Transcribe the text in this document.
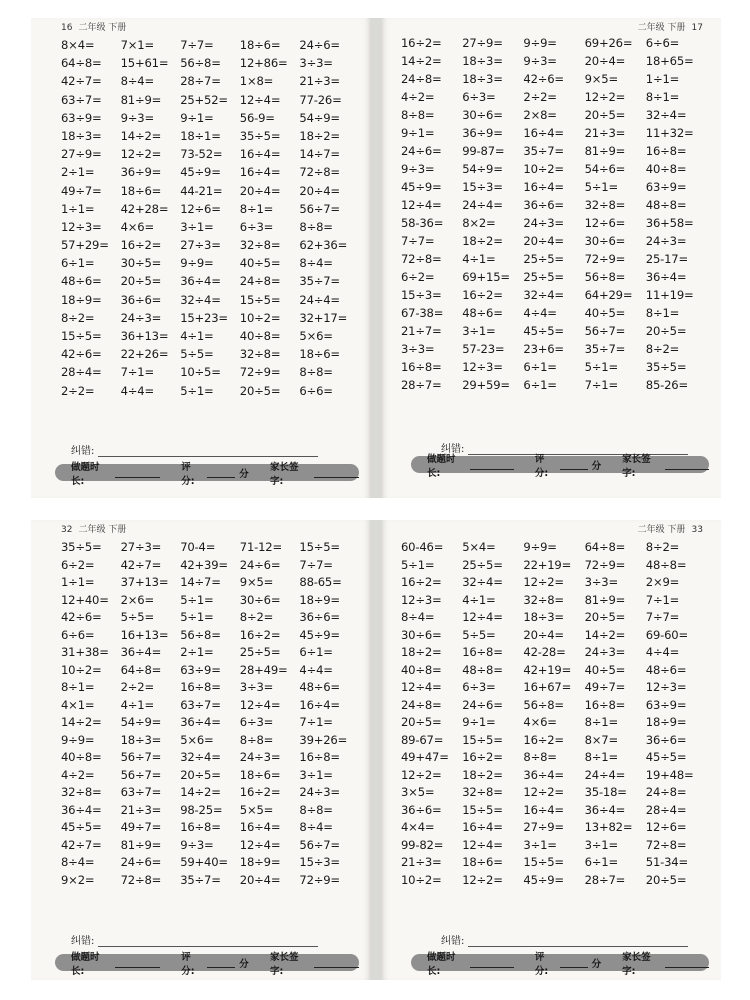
16 二年级 下册
8×4=	7×1=	7÷7=	18÷6=	24÷6=
64÷8=	15+61=	56÷8=	12+86=	3÷3=
42÷7=	8÷4=	28÷7=	1×8=	21÷3=
63÷7=	81÷9=	25+52=	12÷4=	77-26=
63÷9=	9÷3=	9÷1=	56-9=	54÷9=
18÷3=	14÷2=	18÷1=	35÷5=	18÷2=
27÷9=	12÷2=	73-52=	16÷4=	14÷7=
2÷1=	36÷9=	45÷9=	16÷4=	72÷8=
49÷7=	18÷6=	44-21=	20÷4=	20÷4=
1÷1=	42+28=	12÷6=	8÷1=	56÷7=
12÷3=	4×6=	3÷1=	6÷3=	8÷8=
57+29=	16÷2=	27÷3=	32÷8=	62+36=
6÷1=	30÷5=	9÷9=	40÷5=	8÷4=
48÷6=	20÷5=	36÷4=	24÷8=	35÷7=
18÷9=	36÷6=	32÷4=	15÷5=	24÷4=
8÷2=	24÷3=	15+23=	10÷2=	32+17=
15÷5=	36+13=	4÷1=	40÷8=	5×6=
42÷6=	22+26=	5÷5=	32÷8=	18÷6=
28÷4=	7÷1=	10÷5=	72÷9=	8÷8=
2÷2=	4÷4=	5÷1=	20÷5=	6÷6=
纠错:
做题时长:
评分:
分
家长签字:
二年级 下册 17
16÷2=	27÷9=	9÷9=	69+26=	6÷6=
14÷2=	18÷3=	9÷3=	20÷4=	18+65=
24÷8=	18÷3=	42÷6=	9×5=	1÷1=
4÷2=	6÷3=	2÷2=	12÷2=	8÷1=
8÷8=	30÷6=	2×8=	20÷5=	32÷4=
9÷1=	36÷9=	16÷4=	21÷3=	11+32=
24÷6=	99-87=	35÷7=	81÷9=	16÷8=
9÷3=	54÷9=	10÷2=	54÷6=	40÷8=
45÷9=	15÷3=	16÷4=	5÷1=	63÷9=
12÷4=	24÷4=	36÷6=	32÷8=	48÷8=
58-36=	8×2=	24÷3=	12÷6=	36+58=
7÷7=	18÷2=	20÷4=	30÷6=	24÷3=
72÷8=	4÷1=	25÷5=	72÷9=	25-17=
6÷2=	69+15=	25÷5=	56÷8=	36÷4=
15÷3=	16÷2=	32÷4=	64+29=	11+19=
67-38=	48÷6=	4÷4=	40÷5=	8÷1=
21÷7=	3÷1=	45÷5=	56÷7=	20÷5=
3÷3=	57-23=	23+6=	35÷7=	8÷2=
16÷8=	12÷3=	6÷1=	5÷1=	35÷5=
28÷7=	29+59=	6÷1=	7÷1=	85-26=
纠错:
做题时长:
评分:
分
家长签字:
32 二年级 下册
35÷5=	27÷3=	70-4=	71-12=	15÷5=
6÷2=	42÷7=	42+39=	24÷6=	7÷7=
1÷1=	37+13=	14÷7=	9×5=	88-65=
12+40=	2×6=	5÷1=	30÷6=	18÷9=
42÷6=	5÷5=	5÷1=	8÷2=	36÷6=
6÷6=	16+13=	56÷8=	16÷2=	45÷9=
31+38=	36÷4=	2÷1=	25÷5=	6÷1=
10÷2=	64÷8=	63÷9=	28+49=	4÷4=
8÷1=	2÷2=	16÷8=	3÷3=	48÷6=
4×1=	4÷1=	63÷7=	12÷4=	16÷4=
14÷2=	54÷9=	36÷4=	6÷3=	7÷1=
9÷9=	18÷3=	5×6=	8÷8=	39+26=
40÷8=	56÷7=	32÷4=	24÷3=	16÷8=
4÷2=	56÷7=	20÷5=	18÷6=	3÷1=
32÷8=	63÷7=	14÷2=	16÷2=	24÷3=
36÷4=	21÷3=	98-25=	5×5=	8÷8=
45÷5=	49÷7=	16÷8=	16÷4=	8÷4=
42÷7=	81÷9=	9÷3=	12÷4=	56÷7=
8÷4=	24÷6=	59+40=	18÷9=	15÷3=
9×2=	72÷8=	35÷7=	20÷4=	72÷9=
纠错:
做题时长:
评分:
分
家长签字:
二年级 下册 33
60-46=	5×4=	9÷9=	64÷8=	8÷2=
5÷1=	25÷5=	22+19=	72÷9=	48÷8=
16÷2=	32÷4=	12÷2=	3÷3=	2×9=
12÷3=	4÷1=	32÷8=	81÷9=	7÷1=
8÷4=	12÷4=	18÷3=	20÷5=	7÷7=
30÷6=	5÷5=	20÷4=	14÷2=	69-60=
18÷2=	16÷8=	42-28=	24÷3=	4÷4=
40÷8=	48÷8=	42+19=	40÷5=	48÷6=
12÷4=	6÷3=	16+67=	49÷7=	12÷3=
24÷8=	24÷6=	56÷8=	16÷8=	63÷9=
20÷5=	9÷1=	4×6=	8÷1=	18÷9=
89-67=	15÷5=	16÷2=	8×7=	36÷6=
49+47=	16÷2=	8÷8=	8÷1=	45÷5=
12÷2=	18÷2=	36÷4=	24÷4=	19+48=
3×5=	32÷8=	12÷2=	35-18=	24÷8=
36÷6=	15÷5=	16÷4=	36÷4=	28÷4=
4×4=	16÷4=	27÷9=	13+82=	12÷6=
99-82=	12÷4=	3÷1=	3÷1=	72÷8=
21÷3=	18÷6=	15÷5=	6÷1=	51-34=
10÷2=	12÷2=	45÷9=	28÷7=	20÷5=
纠错:
做题时长:
评分:
分
家长签字:
